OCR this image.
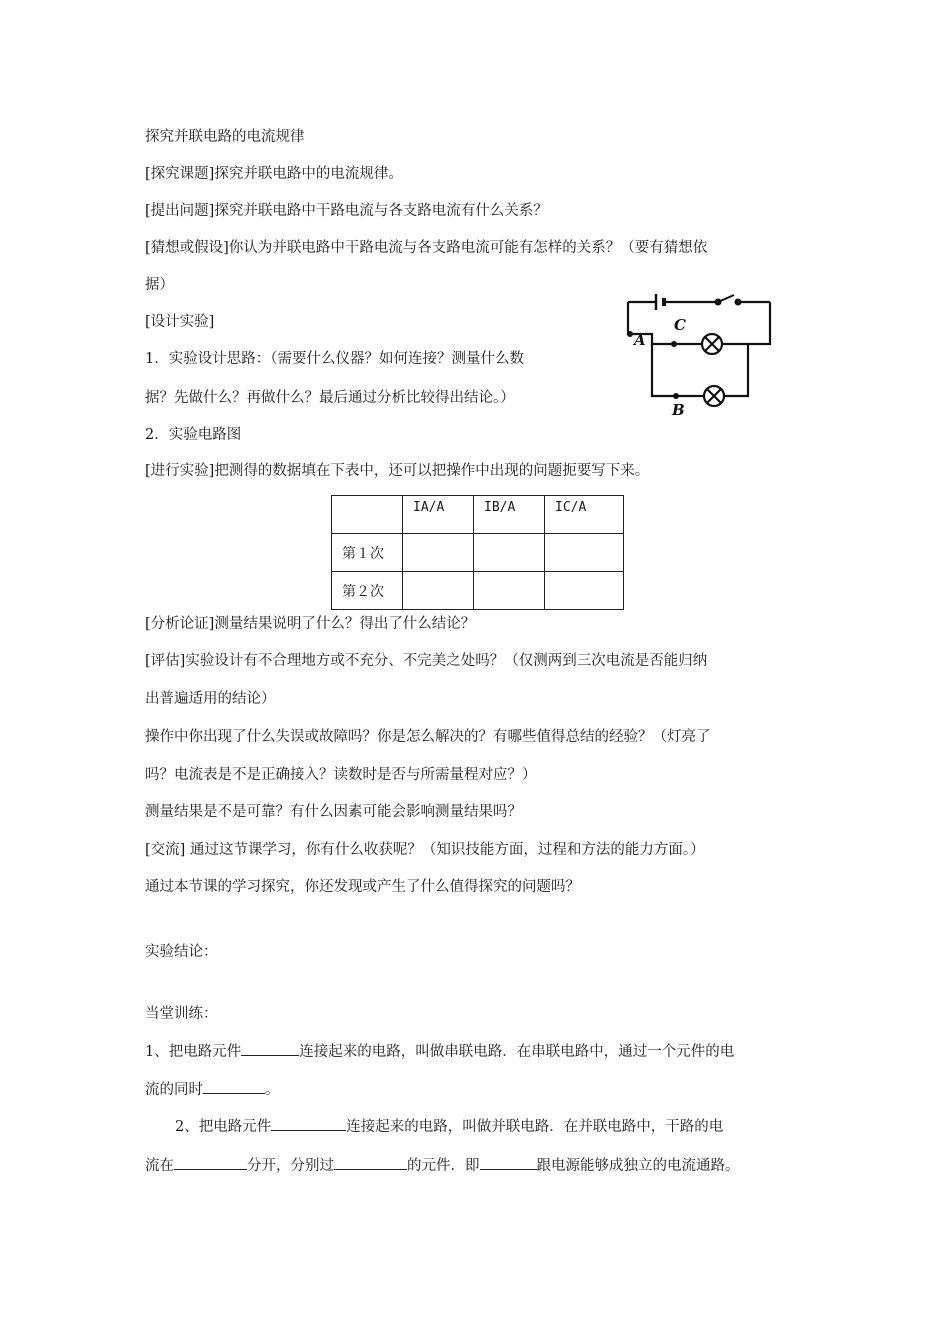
探究并联电路的电流规律
[探究课题]探究并联电路中的电流规律。
[提出问题]探究并联电路中干路电流与各支路电流有什么关系？
[猜想或假设]你认为并联电路中干路电流与各支路电流可能有怎样的关系？（要有猜想依
据）
[设计实验]
1．实验设计思路：（需要什么仪器？如何连接？测量什么数
据？先做什么？再做什么？最后通过分析比较得出结论。）
2．实验电路图
[进行实验]把测得的数据填在下表中，还可以把操作中出现的问题扼要写下来。
A
C
B
	IA/A	IB/A	IC/A
第１次			
第２次			
[分析论证]测量结果说明了什么？得出了什么结论？
[评估]实验设计有不合理地方或不充分、不完美之处吗？（仅测两到三次电流是否能归纳
出普遍适用的结论）
操作中你出现了什么失误或故障吗？你是怎么解决的？有哪些值得总结的经验？（灯亮了
吗？电流表是不是正确接入？读数时是否与所需量程对应？）
测量结果是不是可靠？有什么因素可能会影响测量结果吗？
[交流] 通过这节课学习，你有什么收获呢？（知识技能方面，过程和方法的能力方面。）
通过本节课的学习探究，你还发现或产生了什么值得探究的问题吗？
实验结论：
当堂训练：
1、把电路元件	连接起来的电路，叫做串联电路．在串联电路中，通过一个元件的电
流的同时	。
2、把电路元件	连接起来的电路，叫做并联电路．在并联电路中，干路的电
流在	分开，分别过	的元件．即	跟电源能够成独立的电流通路。
